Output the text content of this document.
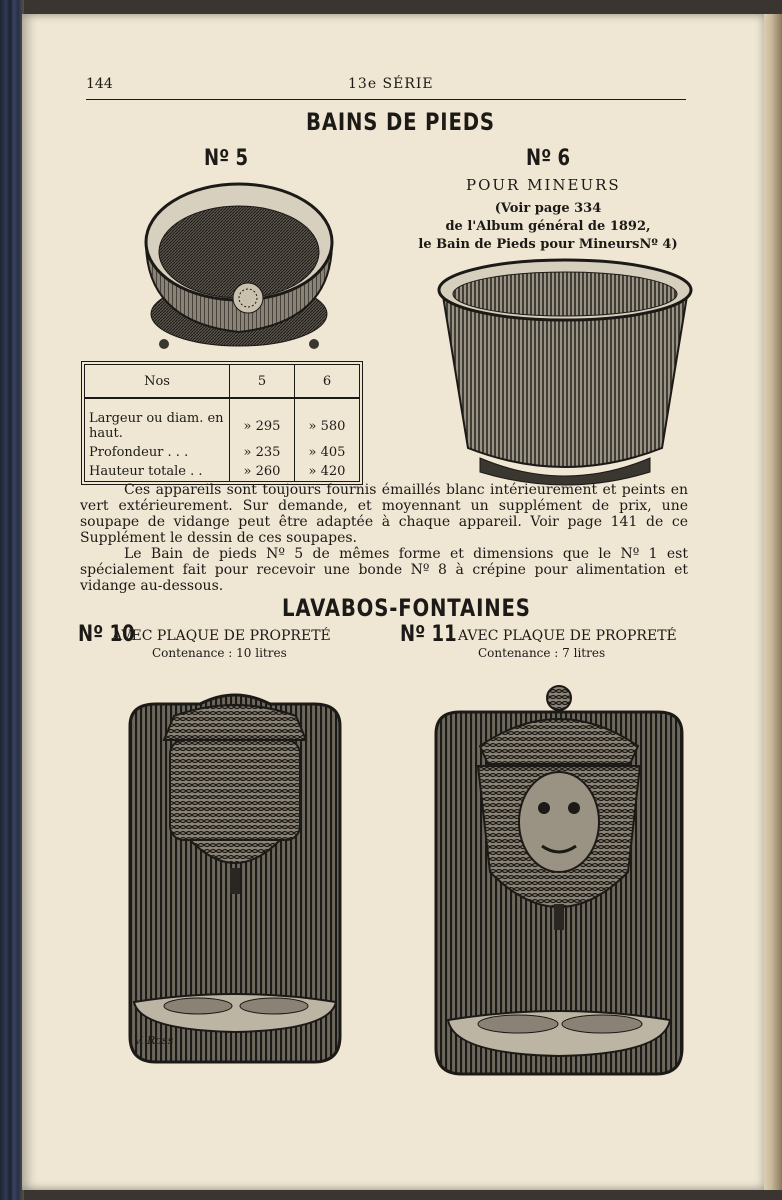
144	13e SÉRIE
BAINS DE PIEDS
Nº 5	Nº 6
POUR MINEURS
(Voir page 334
de l'Album général de 1892,
le Bain de Pieds pour MineursNº 4)
Nos	5	6
Largeur ou diam. en haut.	» 295	» 580
Profondeur . . .	» 235	» 405
Hauteur totale . .	» 260	» 420

Ces appareils sont toujours fournis émaillés blanc intérieurement et peints en vert extérieurement. Sur demande, et moyennant un supplément de prix, une soupape de vidange peut être adaptée à chaque appareil. Voir page 141 de ce Supplément le dessin de ces soupapes.

Le Bain de pieds Nº 5 de mêmes forme et dimensions que le Nº 1 est spécialement fait pour recevoir une bonde Nº 8 à crépine pour alimentation et vidange au-dessous.

LAVABOS-FONTAINES
Nº 10
AVEC PLAQUE DE PROPRETÉ
Contenance : 10 litres
Nº 11 AVEC PLAQUE DE PROPRETÉ
Contenance : 7 litres
V. Ross
